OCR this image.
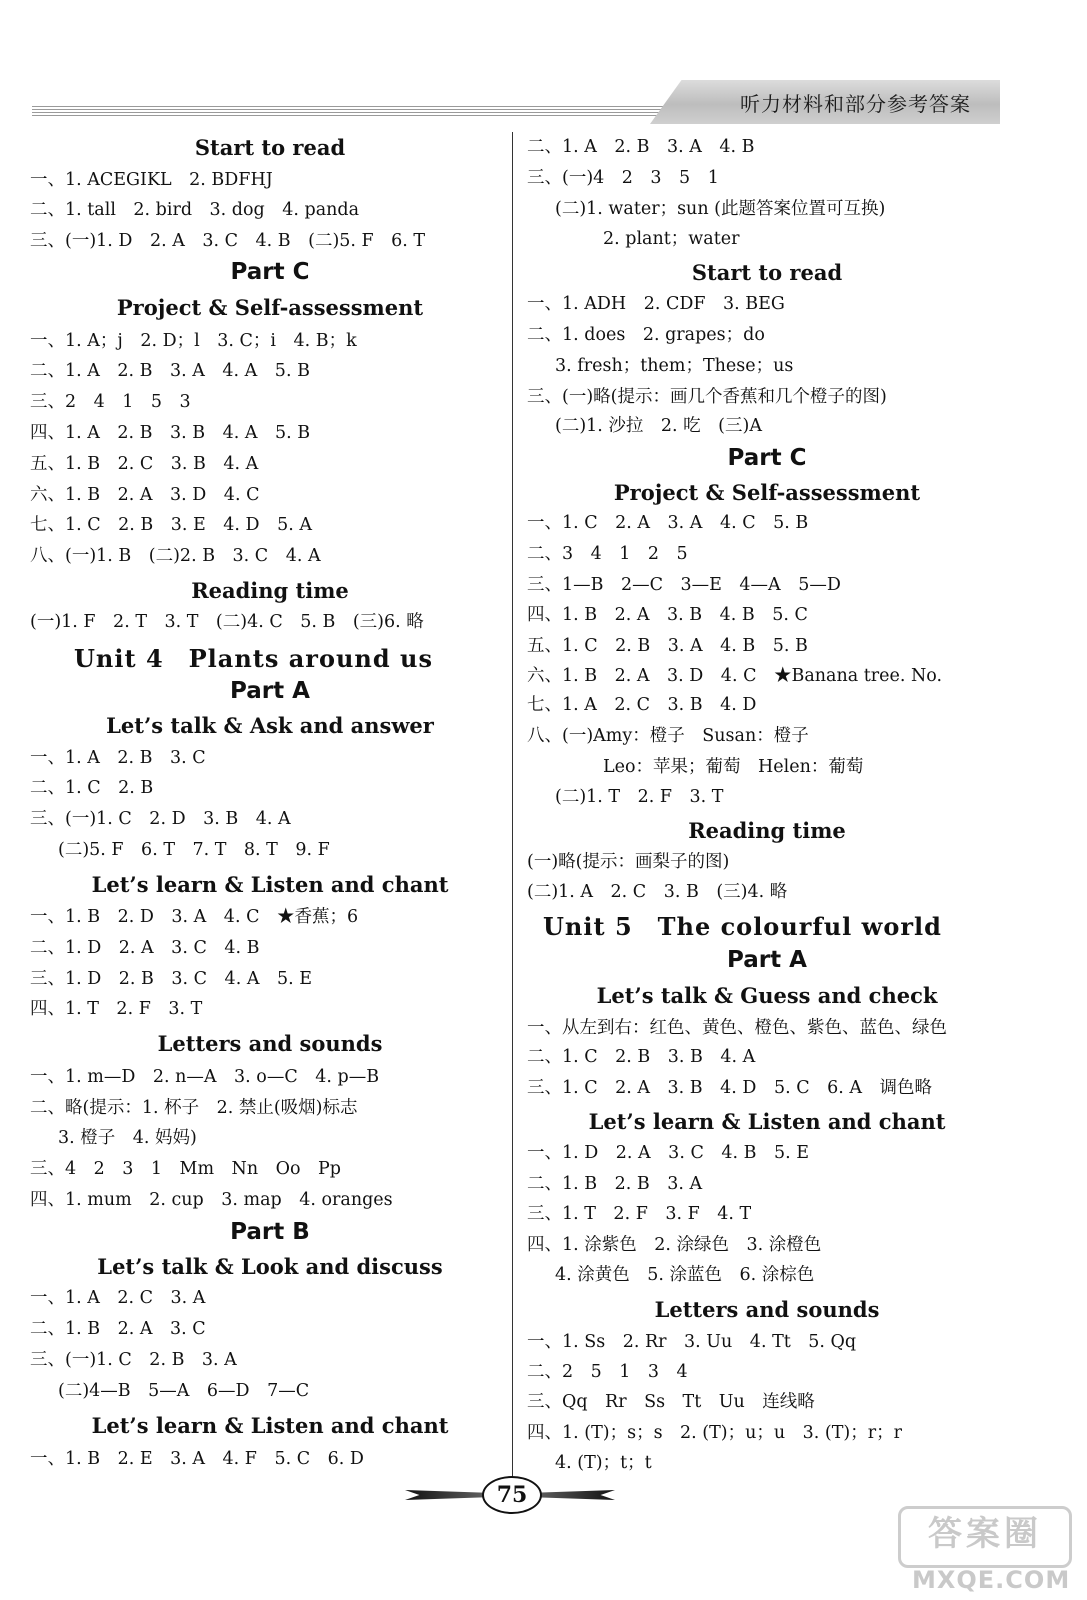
听力材料和部分参考答案
Start to read
一、1. ACEGIKL　2. BDFHJ
二、1. tall　2. bird　3. dog　4. panda
三、(一)1. D　2. A　3. C　4. B　(二)5. F　6. T
Part C
Project & Self-assessment
一、1. A；j　2. D；l　3. C；i　4. B；k
二、1. A　2. B　3. A　4. A　5. B
三、2　4　1　5　3
四、1. A　2. B　3. B　4. A　5. B
五、1. B　2. C　3. B　4. A
六、1. B　2. A　3. D　4. C
七、1. C　2. B　3. E　4. D　5. A
八、(一)1. B　(二)2. B　3. C　4. A
Reading time
(一)1. F　2. T　3. T　(二)4. C　5. B　(三)6. 略
Unit 4　Plants around us
Part A
Let’s talk & Ask and answer
一、1. A　2. B　3. C
二、1. C　2. B
三、(一)1. C　2. D　3. B　4. A
(二)5. F　6. T　7. T　8. T　9. F
Let’s learn & Listen and chant
一、1. B　2. D　3. A　4. C　★香蕉；6
二、1. D　2. A　3. C　4. B
三、1. D　2. B　3. C　4. A　5. E
四、1. T　2. F　3. T
Letters and sounds
一、1. m—D　2. n—A　3. o—C　4. p—B
二、略(提示：1. 杯子　2. 禁止(吸烟)标志
3. 橙子　4. 妈妈)
三、4　2　3　1　Mm　Nn　Oo　Pp
四、1. mum　2. cup　3. map　4. oranges
Part B
Let’s talk & Look and discuss
一、1. A　2. C　3. A
二、1. B　2. A　3. C
三、(一)1. C　2. B　3. A
(二)4—B　5—A　6—D　7—C
Let’s learn & Listen and chant
一、1. B　2. E　3. A　4. F　5. C　6. D
二、1. A　2. B　3. A　4. B
三、(一)4　2　3　5　1
(二)1. water；sun (此题答案位置可互换)
2. plant；water
Start to read
一、1. ADH　2. CDF　3. BEG
二、1. does　2. grapes；do
3. fresh；them；These；us
三、(一)略(提示：画几个香蕉和几个橙子的图)
(二)1. 沙拉　2. 吃　(三)A
Part C
Project & Self-assessment
一、1. C　2. A　3. A　4. C　5. B
二、3　4　1　2　5
三、1—B　2—C　3—E　4—A　5—D
四、1. B　2. A　3. B　4. B　5. C
五、1. C　2. B　3. A　4. B　5. B
六、1. B　2. A　3. D　4. C　★Banana tree. No.
七、1. A　2. C　3. B　4. D
八、(一)Amy：橙子　Susan：橙子
Leo：苹果；葡萄　Helen：葡萄
(二)1. T　2. F　3. T
Reading time
(一)略(提示：画梨子的图)
(二)1. A　2. C　3. B　(三)4. 略
Unit 5　The colourful world
Part A
Let’s talk & Guess and check
一、从左到右：红色、黄色、橙色、紫色、蓝色、绿色
二、1. C　2. B　3. B　4. A
三、1. C　2. A　3. B　4. D　5. C　6. A　调色略
Let’s learn & Listen and chant
一、1. D　2. A　3. C　4. B　5. E
二、1. B　2. B　3. A
三、1. T　2. F　3. F　4. T
四、1. 涂紫色　2. 涂绿色　3. 涂橙色
4. 涂黄色　5. 涂蓝色　6. 涂棕色
Letters and sounds
一、1. Ss　2. Rr　3. Uu　4. Tt　5. Qq
二、2　5　1　3　4
三、Qq　Rr　Ss　Tt　Uu　连线略
四、1. (T)；s；s　2. (T)；u；u　3. (T)；r；r
4. (T)；t；t
75
答案圈
MXQE.COM
